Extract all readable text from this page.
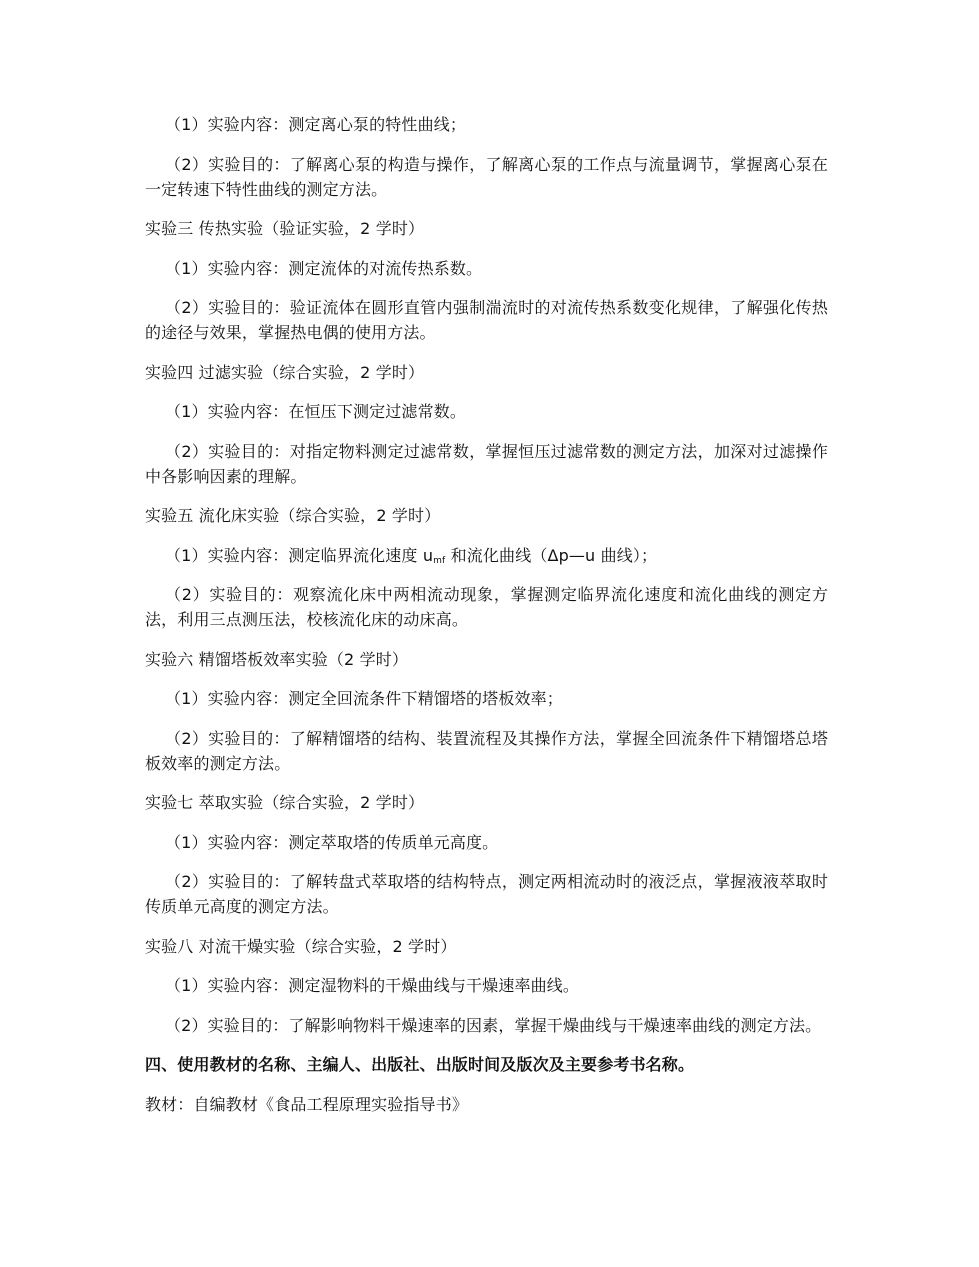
（1）实验内容：测定离心泵的特性曲线；

（2）实验目的：了解离心泵的构造与操作，了解离心泵的工作点与流量调节，掌握离心泵在一定转速下特性曲线的测定方法。

实验三 传热实验（验证实验，2 学时）

（1）实验内容：测定流体的对流传热系数。

（2）实验目的：验证流体在圆形直管内强制湍流时的对流传热系数变化规律，了解强化传热的途径与效果，掌握热电偶的使用方法。

实验四 过滤实验（综合实验，2 学时）

（1）实验内容：在恒压下测定过滤常数。

（2）实验目的：对指定物料测定过滤常数，掌握恒压过滤常数的测定方法，加深对过滤操作中各影响因素的理解。

实验五 流化床实验（综合实验，2 学时）

（1）实验内容：测定临界流化速度 $u_{mf}$ 和流化曲线（Δp—u 曲线）；

（2）实验目的：观察流化床中两相流动现象，掌握测定临界流化速度和流化曲线的测定方法，利用三点测压法，校核流化床的动床高。

实验六 精馏塔板效率实验（2 学时）

（1）实验内容：测定全回流条件下精馏塔的塔板效率；

（2）实验目的：了解精馏塔的结构、装置流程及其操作方法，掌握全回流条件下精馏塔总塔板效率的测定方法。

实验七 萃取实验（综合实验，2 学时）

（1）实验内容：测定萃取塔的传质单元高度。

（2）实验目的：了解转盘式萃取塔的结构特点，测定两相流动时的液泛点，掌握液液萃取时传质单元高度的测定方法。

实验八 对流干燥实验（综合实验，2 学时）

（1）实验内容：测定湿物料的干燥曲线与干燥速率曲线。

（2）实验目的：了解影响物料干燥速率的因素，掌握干燥曲线与干燥速率曲线的测定方法。

四、使用教材的名称、主编人、出版社、出版时间及版次及主要参考书名称。

教材：自编教材《食品工程原理实验指导书》
